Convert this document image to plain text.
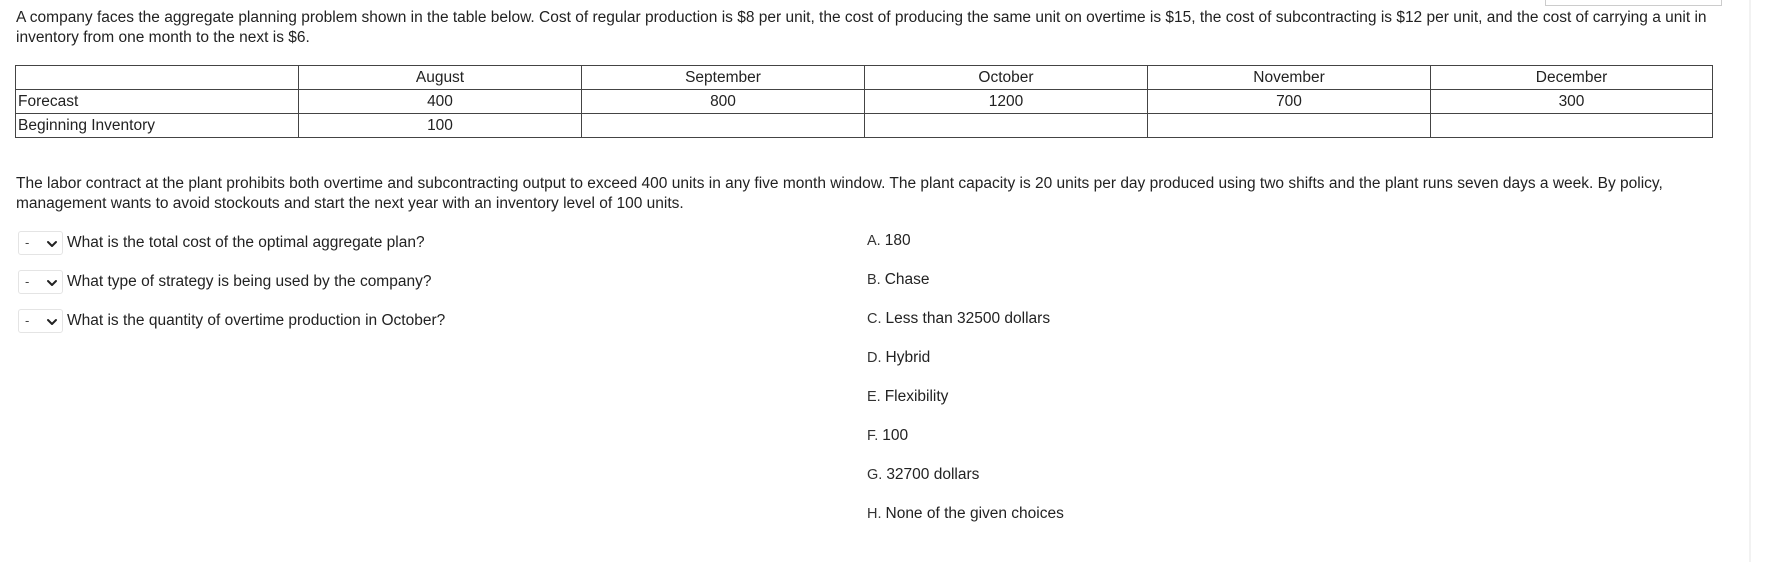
A company faces the aggregate planning problem shown in the table below. Cost of regular production is $8 per unit, the cost of producing the same unit on overtime is $15, the cost of subcontracting is $12 per unit, and the cost of carrying a unit in inventory from one month to the next is $6.

	August	September	October	November	December
Forecast	400	800	1200	700	300
Beginning Inventory	100				

The labor contract at the plant prohibits both overtime and subcontracting output to exceed 400 units in any five month window. The plant capacity is 20 units per day produced using two shifts and the plant runs seven days a week. By policy, management wants to avoid stockouts and start the next year with an inventory level of 100 units.

- What is the total cost of the optimal aggregate plan?
- What type of strategy is being used by the company?
- What is the quantity of overtime production in October?
A. 180
B. Chase
C. Less than 32500 dollars
D. Hybrid
E. Flexibility
F. 100
G. 32700 dollars
H. None of the given choices
